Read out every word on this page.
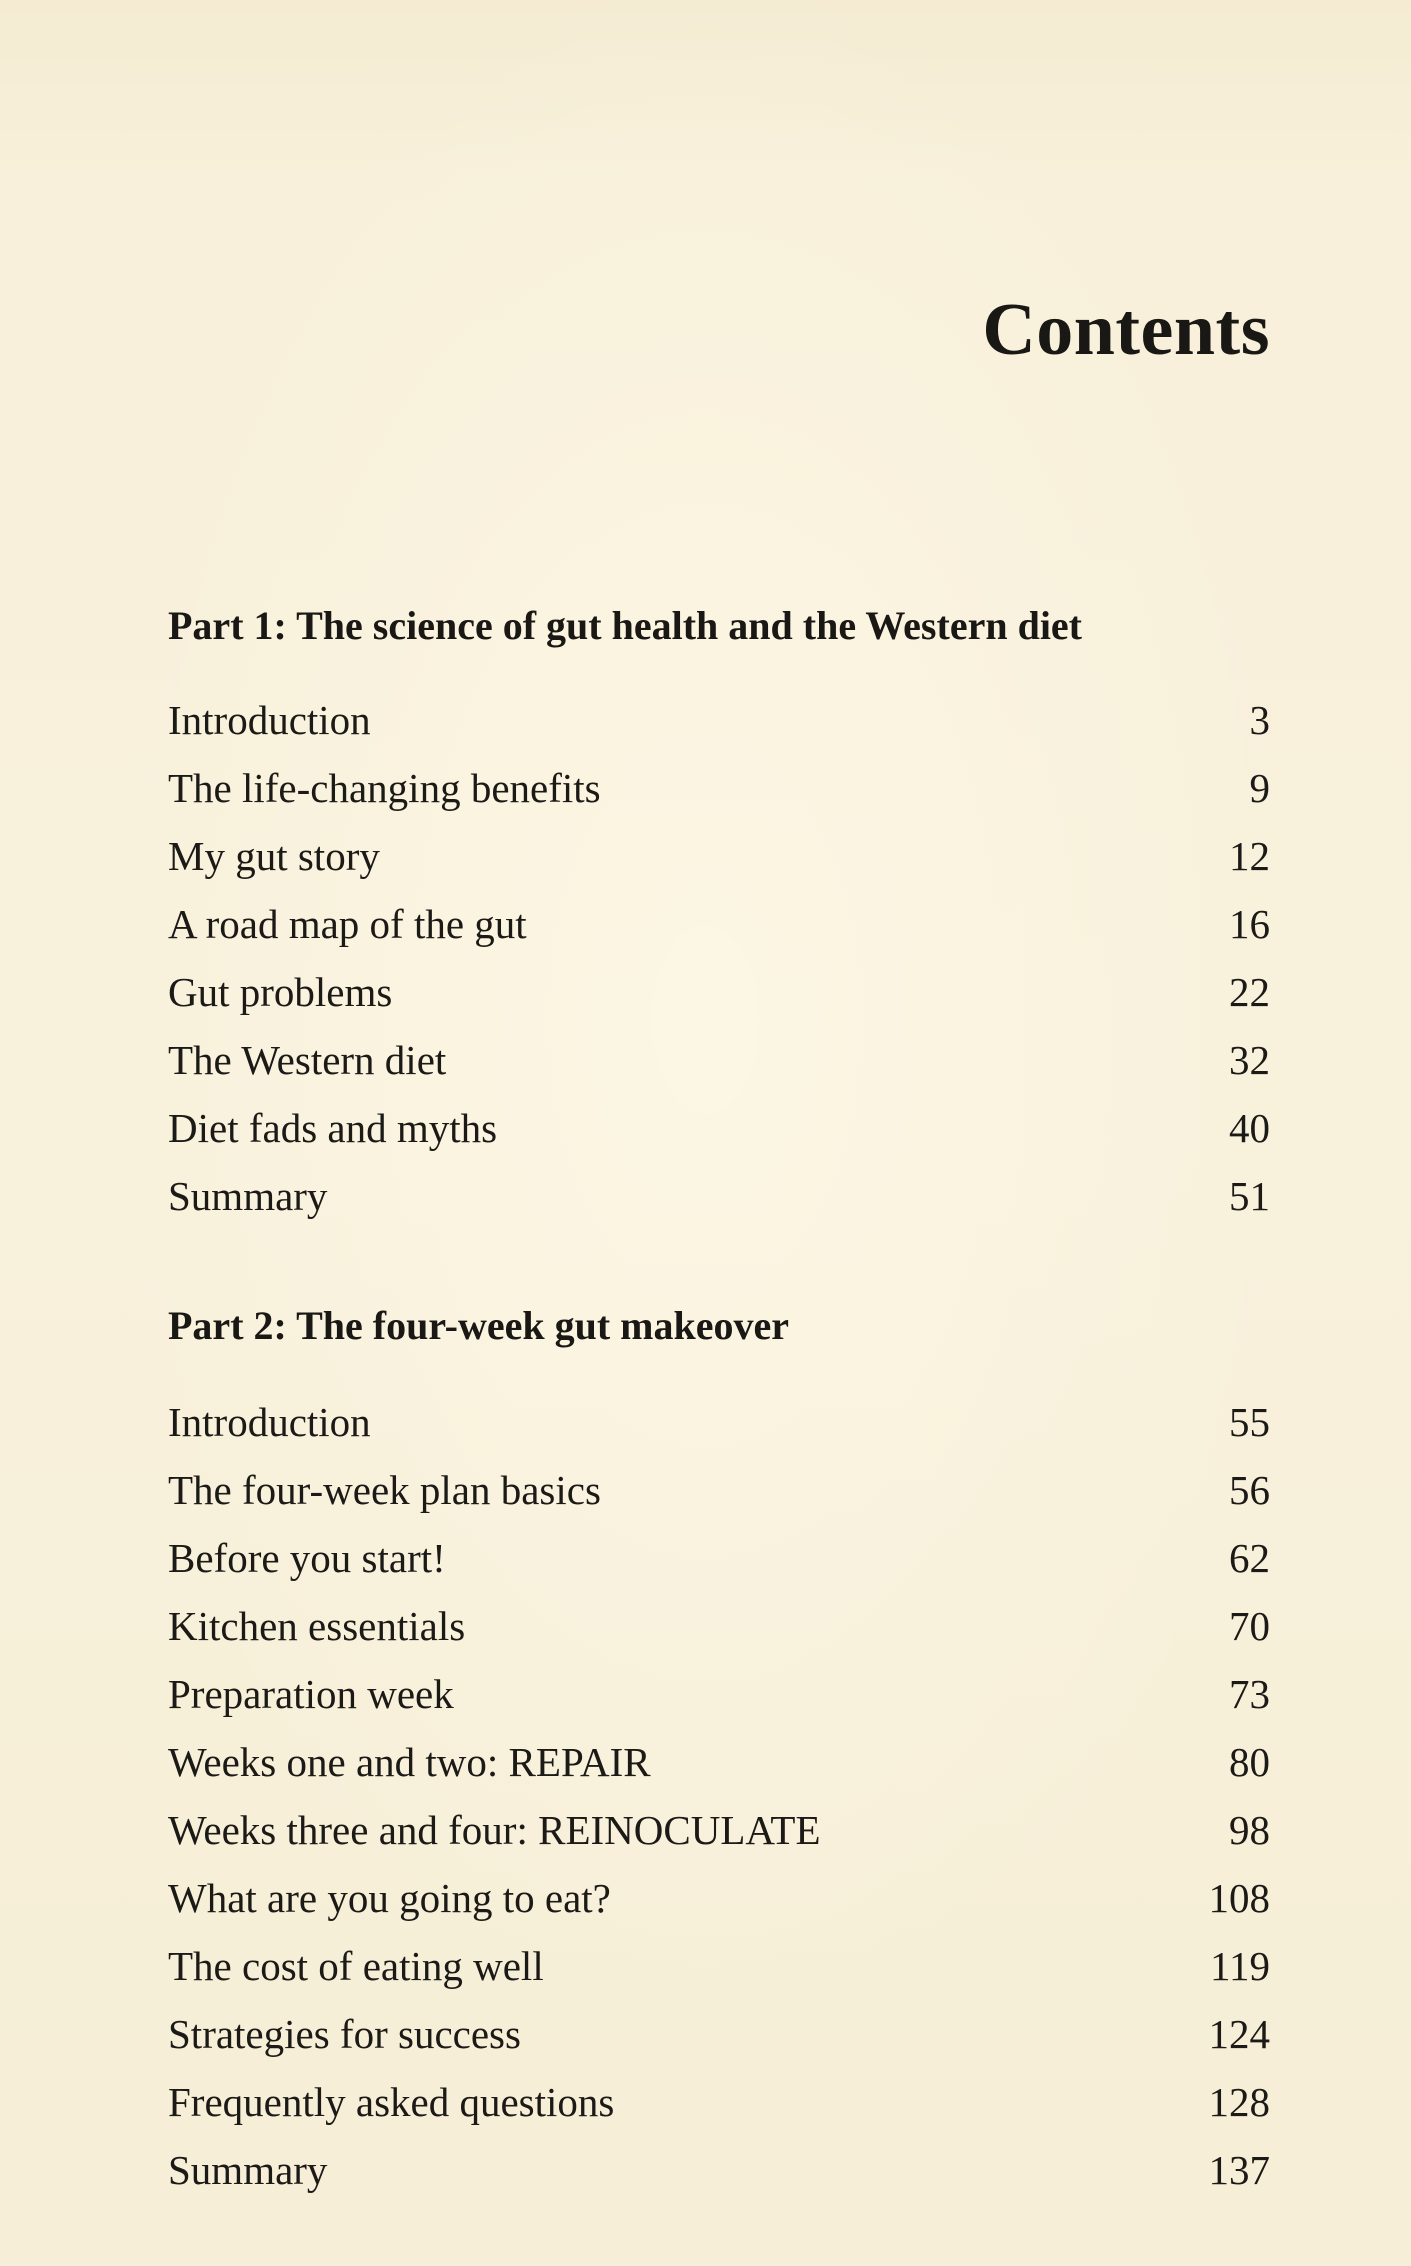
Contents
Part 1: The science of gut health and the Western diet
Introduction	3
The life-changing benefits	9
My gut story	12
A road map of the gut	16
Gut problems	22
The Western diet	32
Diet fads and myths	40
Summary	51
Part 2: The four-week gut makeover
Introduction	55
The four-week plan basics	56
Before you start!	62
Kitchen essentials	70
Preparation week	73
Weeks one and two: REPAIR	80
Weeks three and four: REINOCULATE	98
What are you going to eat?	108
The cost of eating well	119
Strategies for success	124
Frequently asked questions	128
Summary	137
